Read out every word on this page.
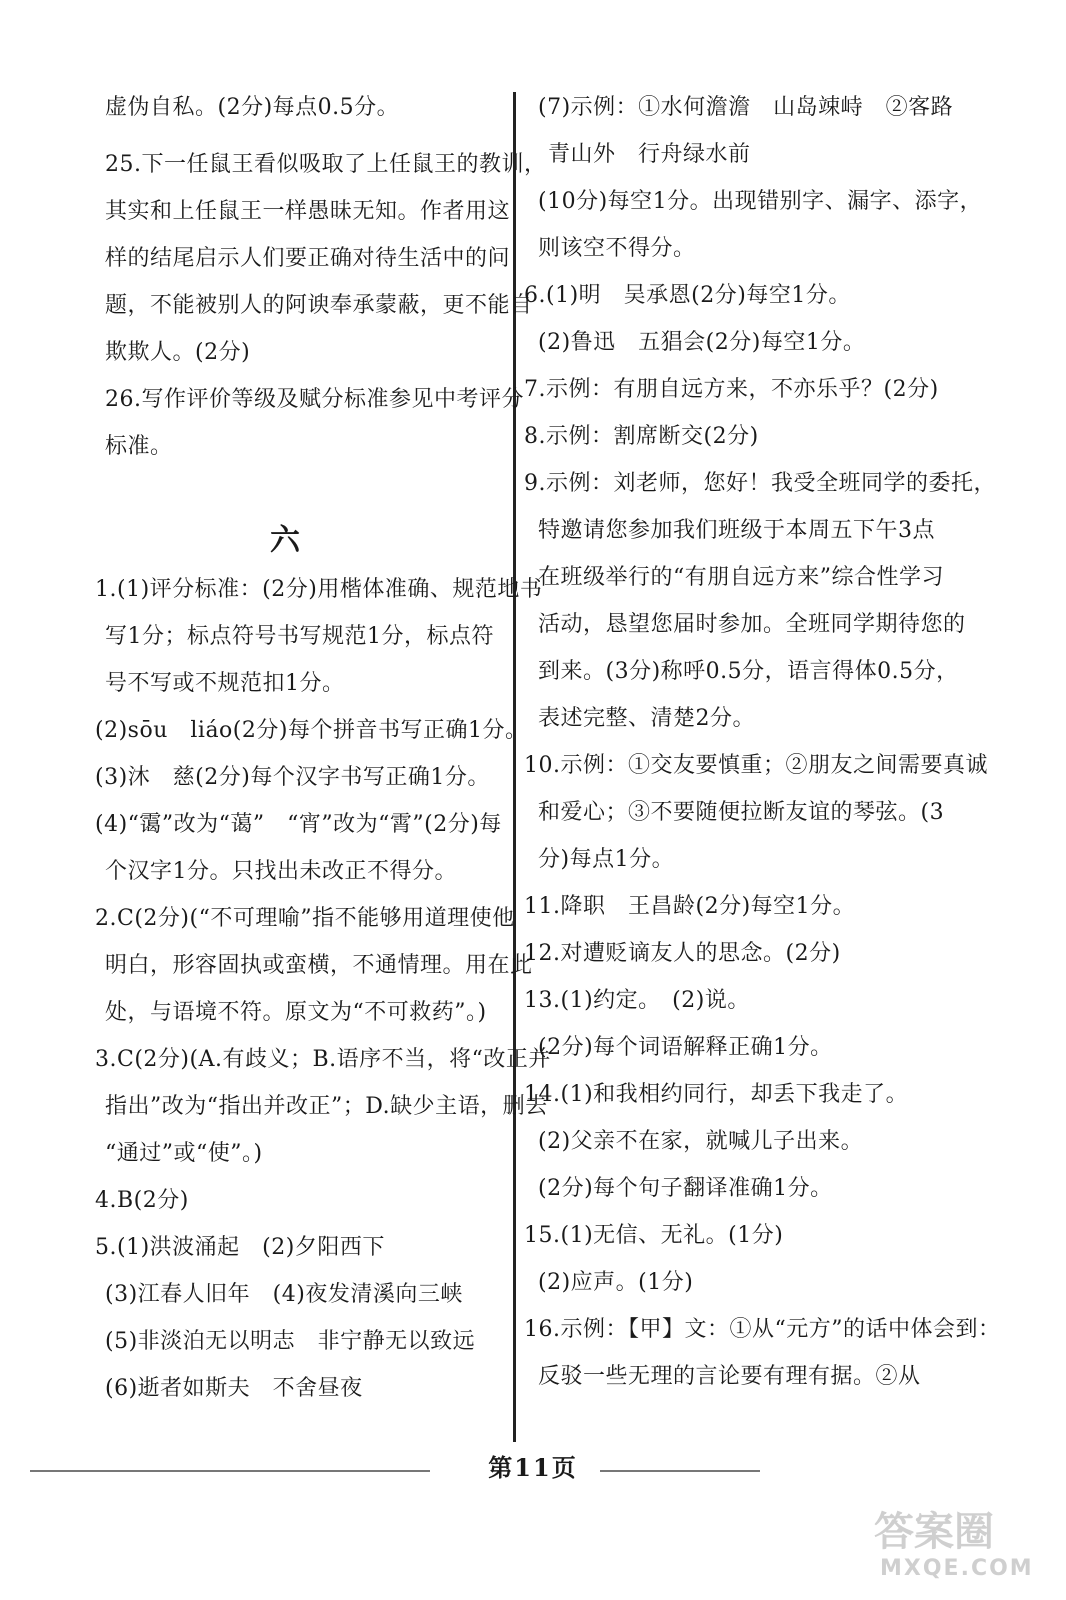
虚伪自私。(2分)每点0.5分。
25.下一任鼠王看似吸取了上任鼠王的教训，
其实和上任鼠王一样愚昧无知。作者用这
样的结尾启示人们要正确对待生活中的问
题，不能被别人的阿谀奉承蒙蔽，更不能自
欺欺人。(2分)
26.写作评价等级及赋分标准参见中考评分
标准。
1.(1)评分标准：(2分)用楷体准确、规范地书
写1分；标点符号书写规范1分，标点符
号不写或不规范扣1分。
(2)sōu　liáo(2分)每个拼音书写正确1分。
(3)沐　慈(2分)每个汉字书写正确1分。
(4)“霭”改为“蔼”　“宵”改为“霄”(2分)每
个汉字1分。只找出未改正不得分。
2.C(2分)(“不可理喻”指不能够用道理使他
明白，形容固执或蛮横，不通情理。用在此
处，与语境不符。原文为“不可救药”。)
3.C(2分)(A.有歧义；B.语序不当，将“改正并
指出”改为“指出并改正”；D.缺少主语，删去
“通过”或“使”。)
4.B(2分)
5.(1)洪波涌起　(2)夕阳西下
(3)江春人旧年　(4)夜发清溪向三峡
(5)非淡泊无以明志　非宁静无以致远
(6)逝者如斯夫　不舍昼夜
(7)示例：①水何澹澹　山岛竦峙　②客路
青山外　行舟绿水前
(10分)每空1分。出现错别字、漏字、添字，
则该空不得分。
6.(1)明　吴承恩(2分)每空1分。
(2)鲁迅　五猖会(2分)每空1分。
7.示例：有朋自远方来，不亦乐乎？(2分)
8.示例：割席断交(2分)
9.示例：刘老师，您好！我受全班同学的委托，
特邀请您参加我们班级于本周五下午3点
在班级举行的“有朋自远方来”综合性学习
活动，恳望您届时参加。全班同学期待您的
到来。(3分)称呼0.5分，语言得体0.5分，
表述完整、清楚2分。
10.示例：①交友要慎重；②朋友之间需要真诚
和爱心；③不要随便拉断友谊的琴弦。(3
分)每点1分。
11.降职　王昌龄(2分)每空1分。
12.对遭贬谪友人的思念。(2分)
13.(1)约定。　(2)说。
(2分)每个词语解释正确1分。
14.(1)和我相约同行，却丢下我走了。
(2)父亲不在家，就喊儿子出来。
(2分)每个句子翻译准确1分。
15.(1)无信、无礼。(1分)
(2)应声。(1分)
16.示例：【甲】文：①从“元方”的话中体会到：
反驳一些无理的言论要有理有据。②从
六
第11页
答案圈
MXQE.COM
